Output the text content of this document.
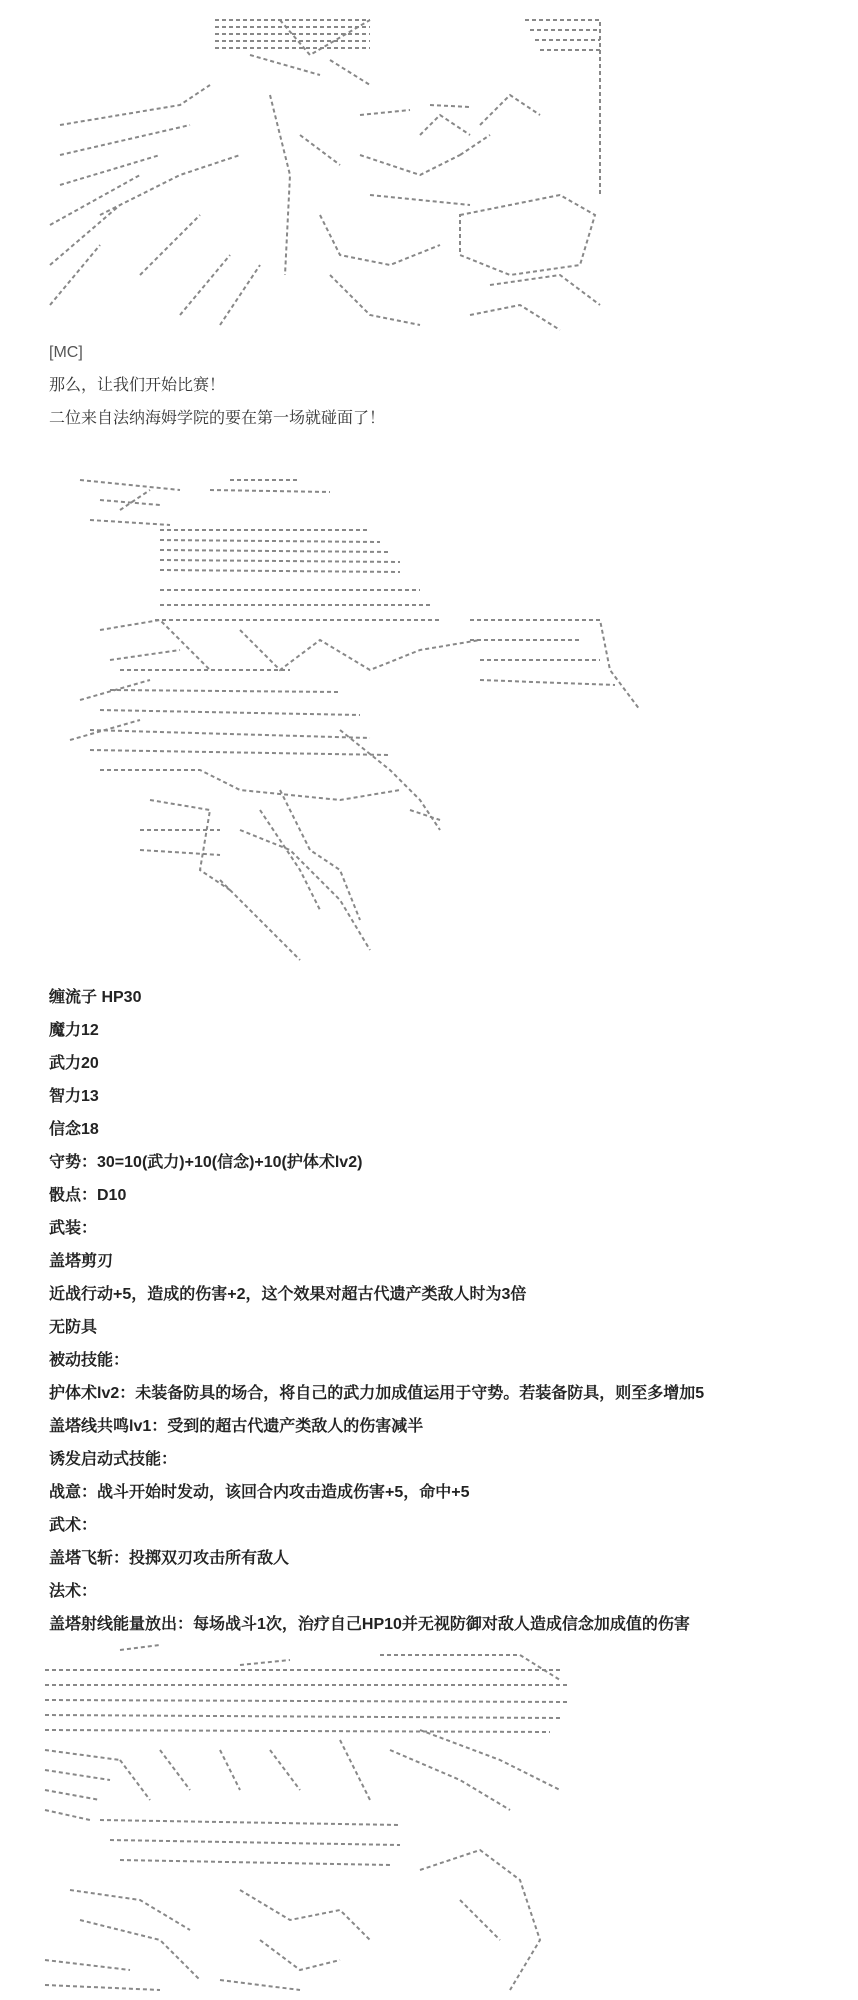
[MC]
那么，让我们开始比赛！
二位来自法纳海姆学院的要在第一场就碰面了！
缠流子 HP30
魔力12
武力20
智力13
信念18
守势：30=10(武力)+10(信念)+10(护体术lv2)
骰点：D10
武装：
盖塔剪刃
近战行动+5，造成的伤害+2，这个效果对超古代遗产类敌人时为3倍
无防具
被动技能：
护体术lv2：未装备防具的场合，将自己的武力加成值运用于守势。若装备防具，则至多增加5
盖塔线共鸣lv1：受到的超古代遗产类敌人的伤害减半
诱发启动式技能：
战意：战斗开始时发动，该回合内攻击造成伤害+5，命中+5
武术：
盖塔飞斩：投掷双刃攻击所有敌人
法术：
盖塔射线能量放出：每场战斗1次，治疗自己HP10并无视防御对敌人造成信念加成值的伤害
